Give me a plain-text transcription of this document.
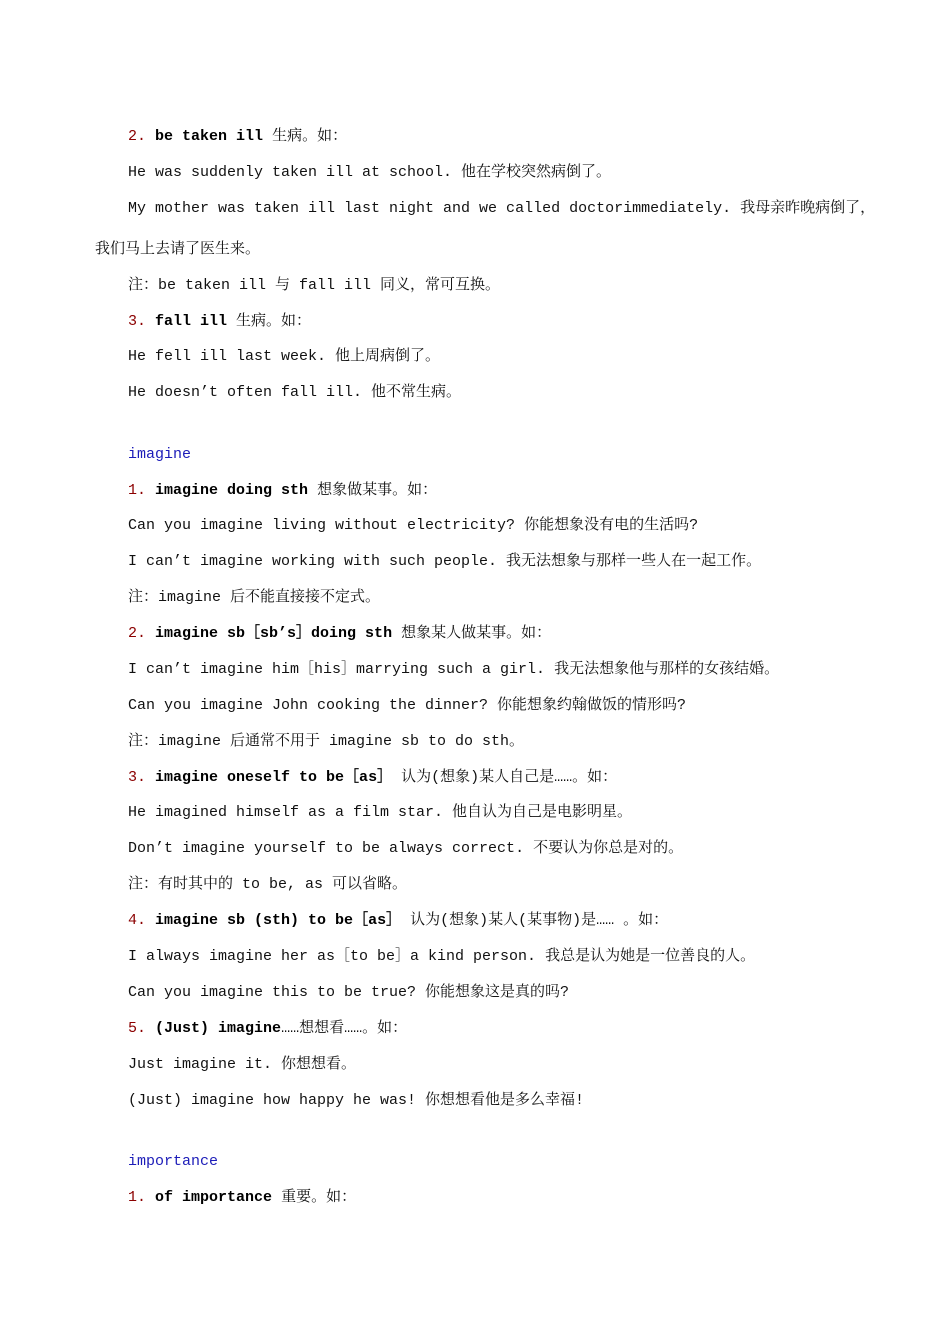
2. be taken ill 生病。如：
He was suddenly taken ill at school. 他在学校突然病倒了。
My mother was taken ill last night and we called doctorimmediately. 我母亲昨晚病倒了，
我们马上去请了医生来。
注：be taken ill 与 fall ill 同义，常可互换。
3. fall ill 生病。如：
He fell ill last week. 他上周病倒了。
He doesn’t often fall ill. 他不常生病。
imagine
1. imagine doing sth 想象做某事。如：
Can you imagine living without electricity? 你能想象没有电的生活吗?
I can’t imagine working with such people. 我无法想象与那样一些人在一起工作。
注：imagine 后不能直接接不定式。
2. imagine sb［sb’s］doing sth 想象某人做某事。如：
I can’t imagine him［his］marrying such a girl. 我无法想象他与那样的女孩结婚。
Can you imagine John cooking the dinner? 你能想象约翰做饭的情形吗?
注：imagine 后通常不用于 imagine sb to do sth。
3. imagine oneself to be［as］ 认为(想象)某人自己是……。如：
He imagined himself as a film star. 他自认为自己是电影明星。
Don’t imagine yourself to be always correct. 不要认为你总是对的。
注：有时其中的 to be, as 可以省略。
4. imagine sb (sth) to be［as］ 认为(想象)某人(某事物)是…… 。如：
I always imagine her as［to be］a kind person. 我总是认为她是一位善良的人。
Can you imagine this to be true? 你能想象这是真的吗?
5. (Just) imagine……想想看……。如：
Just imagine it. 你想想看。
(Just) imagine how happy he was! 你想想看他是多么幸福!
importance
1. of importance 重要。如：
